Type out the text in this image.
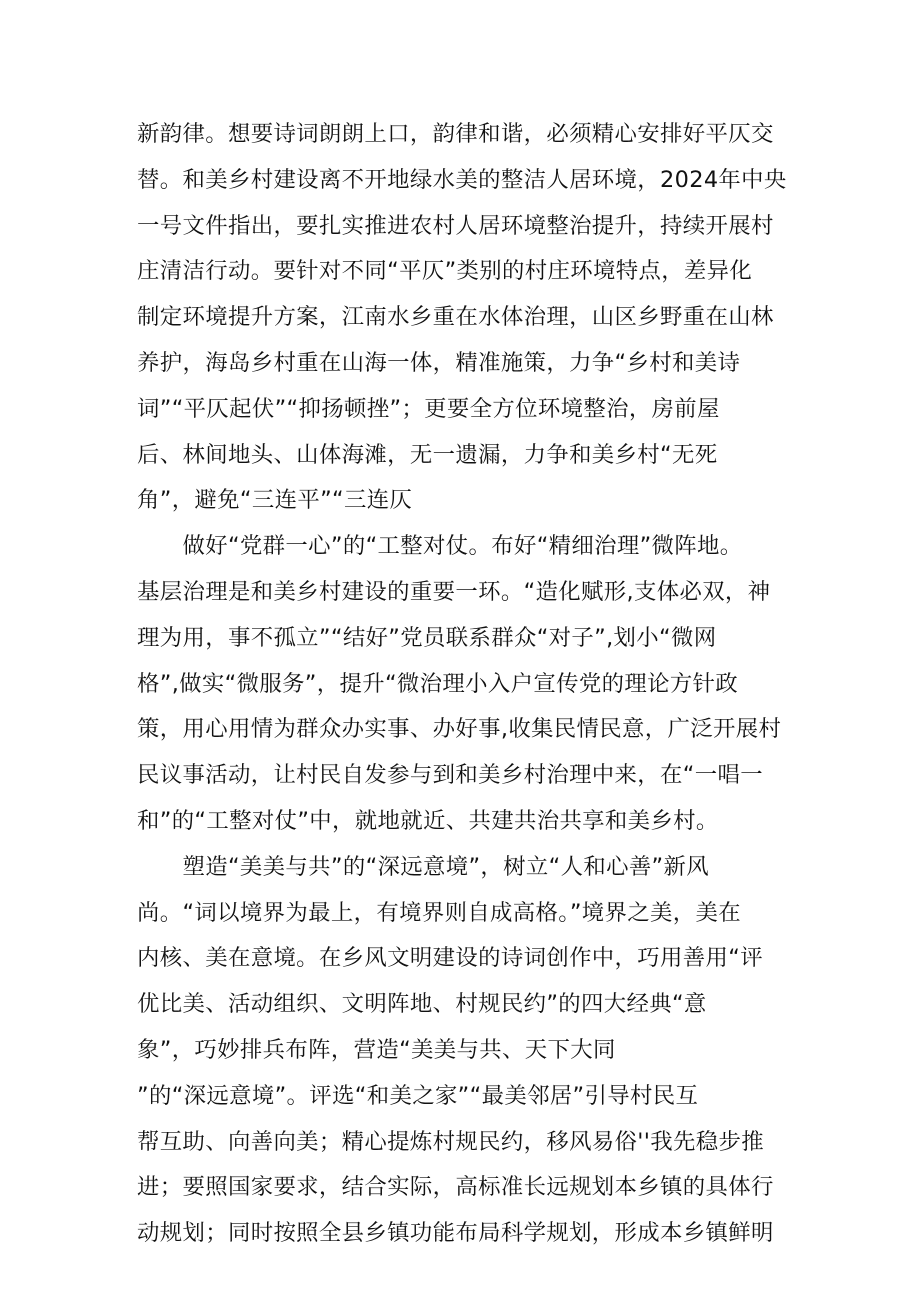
新韵律。想要诗词朗朗上口，韵律和谐，必须精心安排好平仄交
替。和美乡村建设离不开地绿水美的整洁人居环境，2024年中央
一号文件指出，要扎实推进农村人居环境整治提升，持续开展村
庄清洁行动。要针对不同“平仄”类别的村庄环境特点，差异化
制定环境提升方案，江南水乡重在水体治理，山区乡野重在山林
养护，海岛乡村重在山海一体，精准施策，力争“乡村和美诗
词”“平仄起伏”“抑扬顿挫”；更要全方位环境整治，房前屋
后、林间地头、山体海滩，无一遗漏，力争和美乡村“无死
角”，避免“三连平”“三连仄
　　做好“党群一心”的“工整对仗。布好“精细治理”微阵地。
基层治理是和美乡村建设的重要一环。“造化赋形,支体必双，神
理为用，事不孤立”“结好”党员联系群众“对子”,划小“微网
格”,做实“微服务”，提升“微治理小入户宣传党的理论方针政
策，用心用情为群众办实事、办好事,收集民情民意，广泛开展村
民议事活动，让村民自发参与到和美乡村治理中来，在“一唱一
和”的“工整对仗”中，就地就近、共建共治共享和美乡村。
　　塑造“美美与共”的“深远意境”，树立“人和心善”新风
尚。“词以境界为最上，有境界则自成高格。”境界之美，美在
内核、美在意境。在乡风文明建设的诗词创作中，巧用善用“评
优比美、活动组织、文明阵地、村规民约”的四大经典“意
象”，巧妙排兵布阵，营造“美美与共、天下大同
”的“深远意境”。评选“和美之家”“最美邻居”引导村民互
帮互助、向善向美；精心提炼村规民约，移风易俗''我先稳步推
进；要照国家要求，结合实际，高标准长远规划本乡镇的具体行
动规划；同时按照全县乡镇功能布局科学规划，形成本乡镇鲜明
